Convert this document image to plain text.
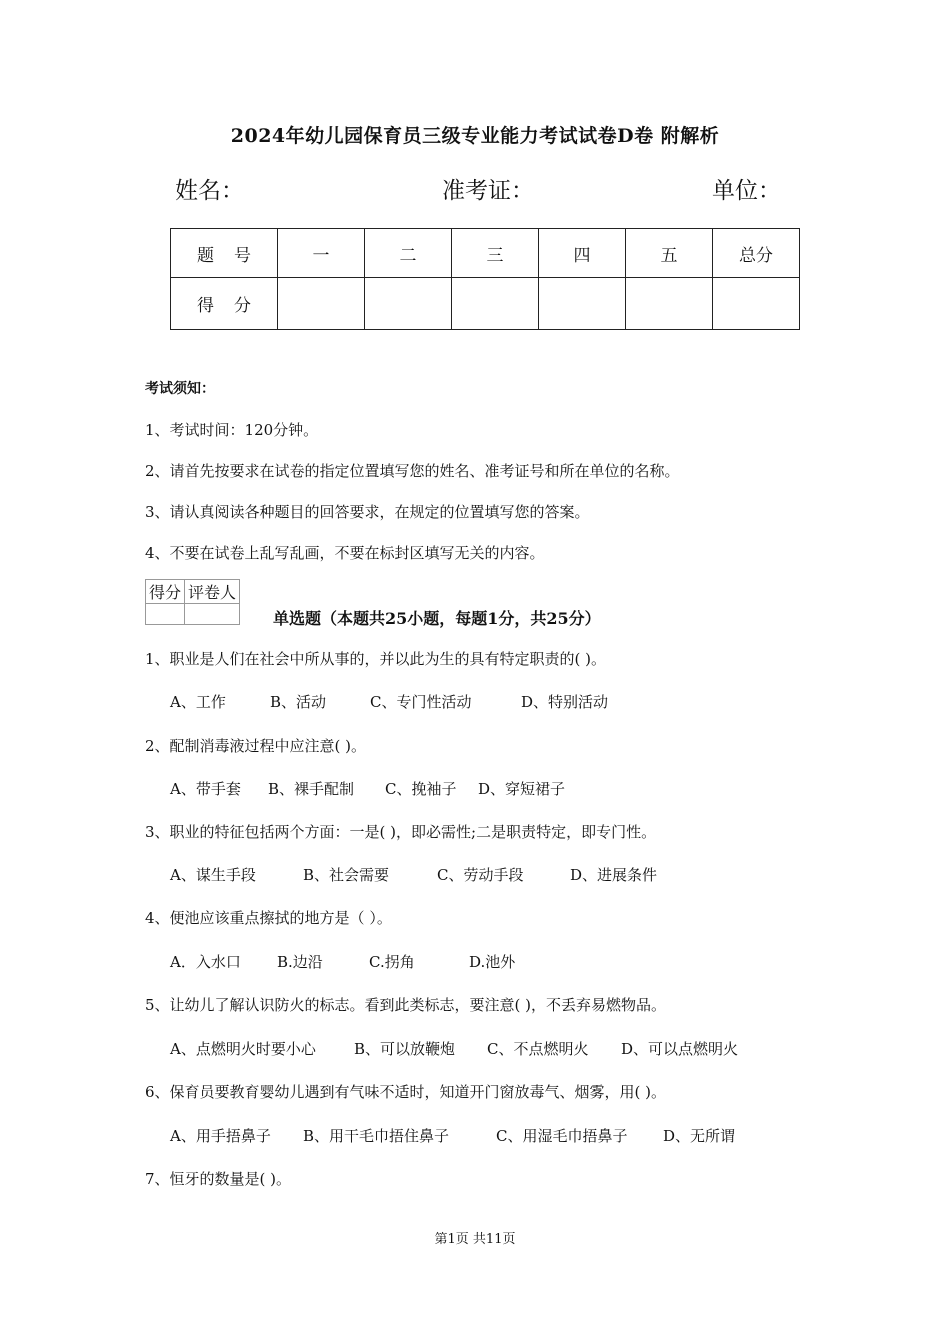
2024年幼儿园保育员三级专业能力考试试卷D卷 附解析
姓名：	准考证：	单位：
题号	一	二	三	四	五	总分
得分						
考试须知：
1、考试时间：120分钟。
2、请首先按要求在试卷的指定位置填写您的姓名、准考证号和所在单位的名称。
3、请认真阅读各种题目的回答要求，在规定的位置填写您的答案。
4、不要在试卷上乱写乱画，不要在标封区填写无关的内容。
得分	评卷人

单选题（本题共25小题，每题1分，共25分）
1、职业是人们在社会中所从事的，并以此为生的具有特定职责的( )。
A、工作	B、活动	C、专门性活动	D、特别活动
2、配制消毒液过程中应注意( )。
A、带手套 B、裸手配制 C、挽袖子 D、穿短裙子
3、职业的特征包括两个方面：一是( )，即必需性;二是职责特定，即专门性。
A、谋生手段	B、社会需要	C、劳动手段	D、进展条件
4、便池应该重点擦拭的地方是（ ）。
A．入水口 B.边沿	C.拐角	D.池外
5、让幼儿了解认识防火的标志。看到此类标志，要注意( )，不丢弃易燃物品。
A、点燃明火时要小心	B、可以放鞭炮 C、不点燃明火 D、可以点燃明火
6、保育员要教育婴幼儿遇到有气味不适时，知道开门窗放毒气、烟雾，用( )。
A、用手捂鼻子 B、用干毛巾捂住鼻子	C、用湿毛巾捂鼻子 D、无所谓
7、恒牙的数量是( )。
第1页 共11页
